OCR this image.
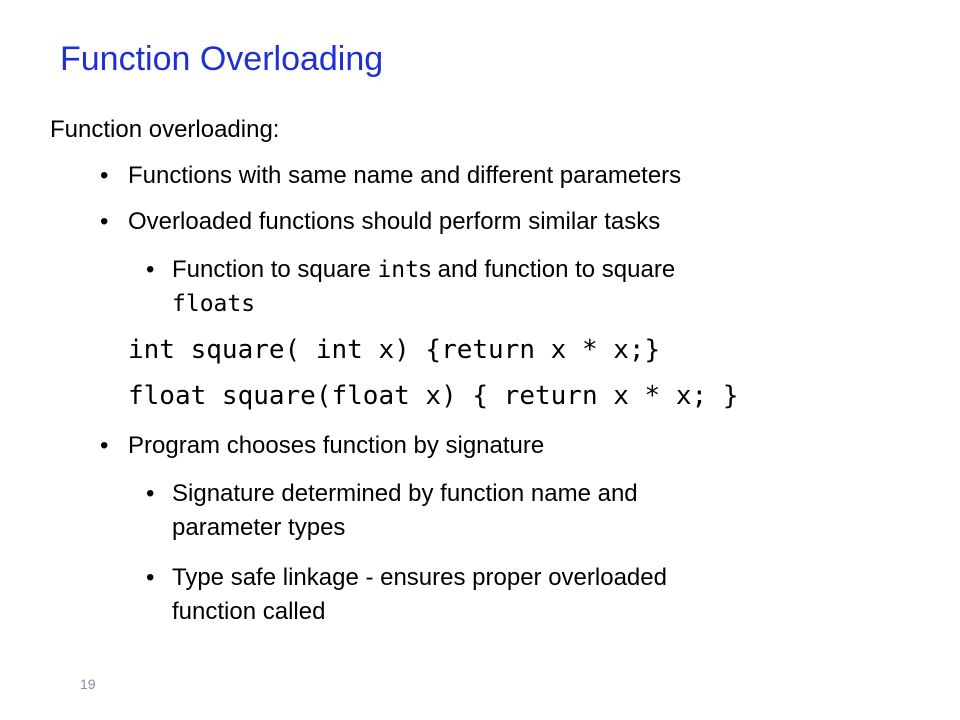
Function Overloading
Function overloading:
• Functions with same name and different parameters
• Overloaded functions should perform similar tasks
• Function to square ints and function to square
floats
int square( int x) {return x * x;}
float square(float x) { return x * x; }
• Program chooses function by signature
• Signature determined by function name and
parameter types
• Type safe linkage - ensures proper overloaded
function called
19
